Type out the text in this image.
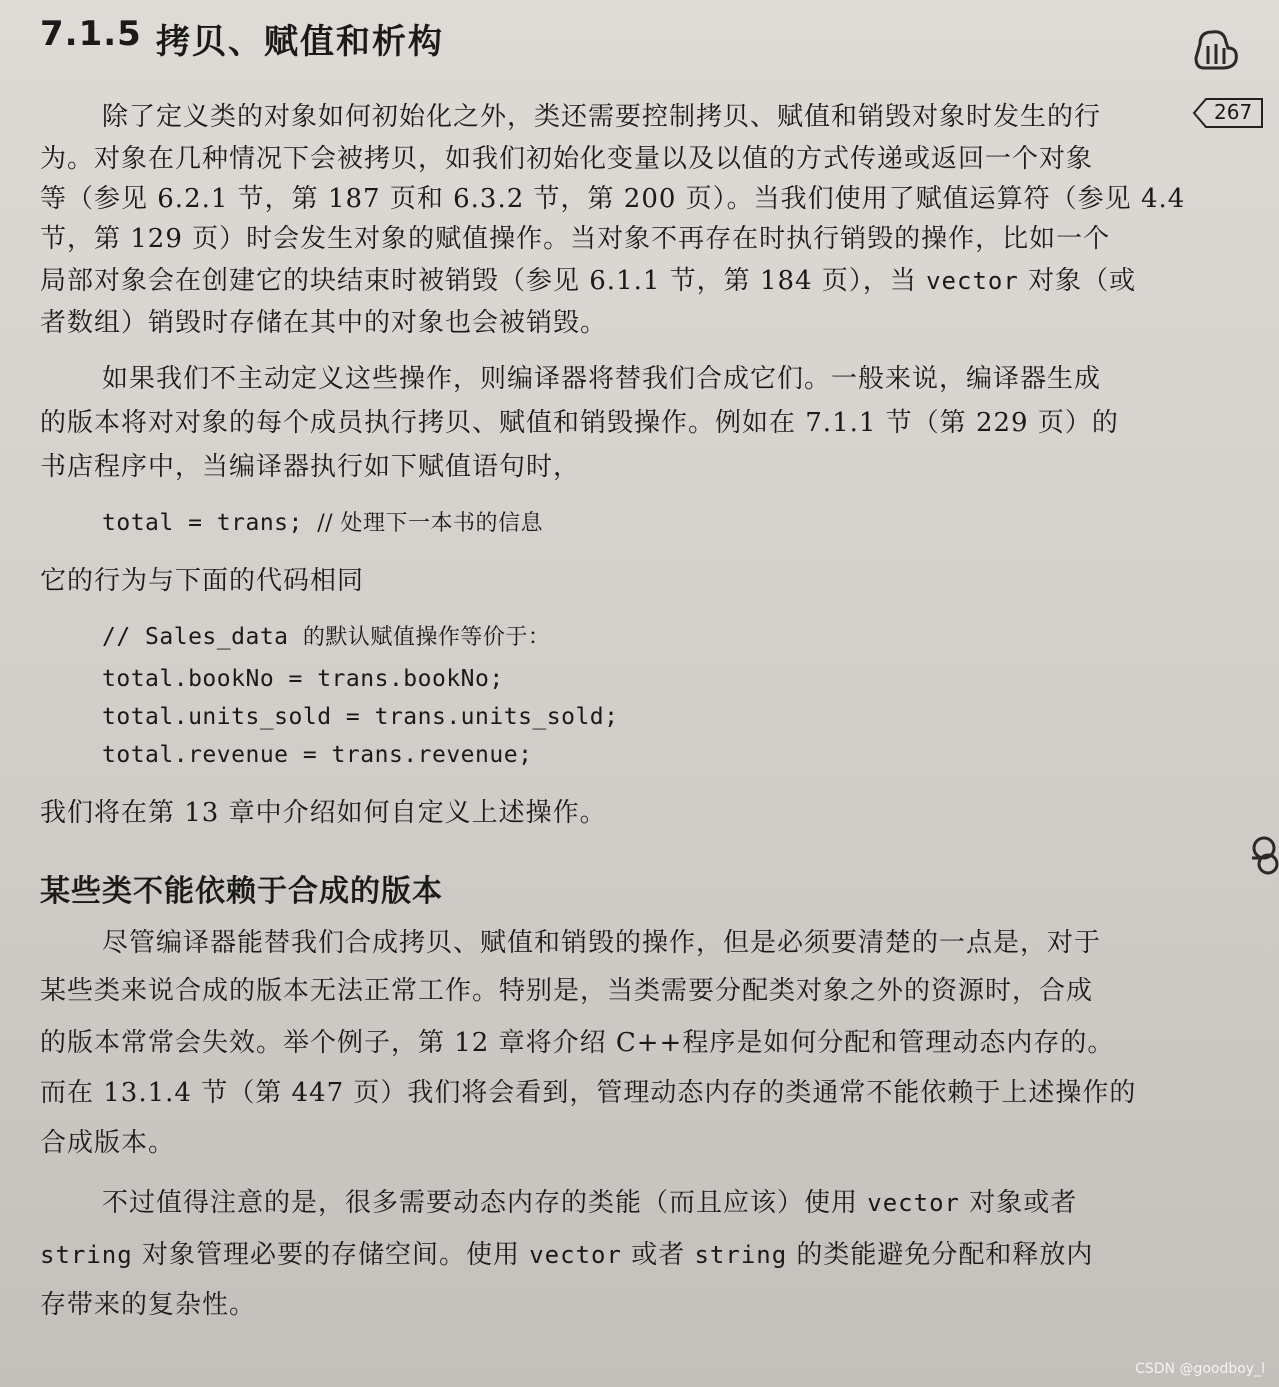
7.1.5 拷贝、赋值和析构
267
除了定义类的对象如何初始化之外，类还需要控制拷贝、赋值和销毁对象时发生的行
为。对象在几种情况下会被拷贝，如我们初始化变量以及以值的方式传递或返回一个对象
等（参见 6.2.1 节，第 187 页和 6.3.2 节，第 200 页）。当我们使用了赋值运算符（参见 4.4
节，第 129 页）时会发生对象的赋值操作。当对象不再存在时执行销毁的操作，比如一个
局部对象会在创建它的块结束时被销毁（参见 6.1.1 节，第 184 页），当 vector 对象（或
者数组）销毁时存储在其中的对象也会被销毁。
如果我们不主动定义这些操作，则编译器将替我们合成它们。一般来说，编译器生成
的版本将对对象的每个成员执行拷贝、赋值和销毁操作。例如在 7.1.1 节（第 229 页）的
书店程序中，当编译器执行如下赋值语句时，
total = trans; // 处理下一本书的信息
它的行为与下面的代码相同
// Sales_data 的默认赋值操作等价于：
total.bookNo = trans.bookNo;
total.units_sold = trans.units_sold;
total.revenue = trans.revenue;
我们将在第 13 章中介绍如何自定义上述操作。
某些类不能依赖于合成的版本
尽管编译器能替我们合成拷贝、赋值和销毁的操作，但是必须要清楚的一点是，对于
某些类来说合成的版本无法正常工作。特别是，当类需要分配类对象之外的资源时，合成
的版本常常会失效。举个例子，第 12 章将介绍 C++程序是如何分配和管理动态内存的。
而在 13.1.4 节（第 447 页）我们将会看到，管理动态内存的类通常不能依赖于上述操作的
合成版本。
不过值得注意的是，很多需要动态内存的类能（而且应该）使用 vector 对象或者
string 对象管理必要的存储空间。使用 vector 或者 string 的类能避免分配和释放内
存带来的复杂性。
CSDN @goodboy_l
